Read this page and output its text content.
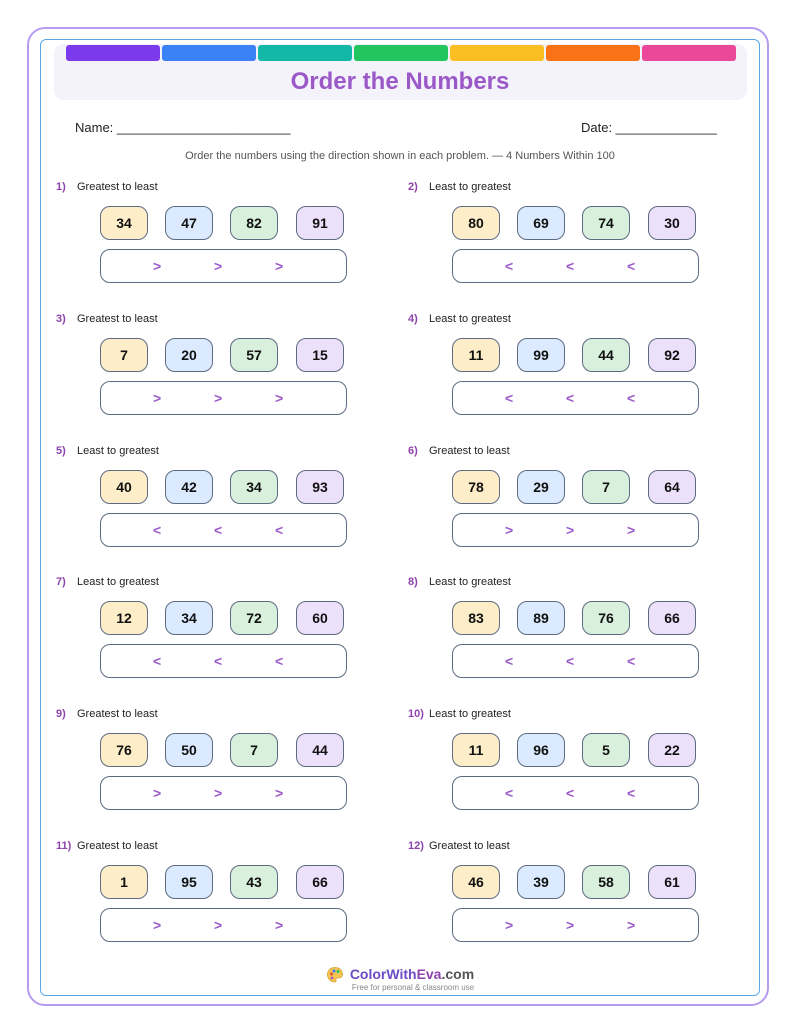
Order the Numbers
Name: ________________________	Date: ______________
Order the numbers using the direction shown in each problem. — 4 Numbers Within 100
1) Greatest to least
34	47	82	91
>	>	>
2) Least to greatest
80	69	74	30
<	<	<
3) Greatest to least
7	20	57	15
>	>	>
4) Least to greatest
11	99	44	92
<	<	<
5) Least to greatest
40	42	34	93
<	<	<
6) Greatest to least
78	29	7	64
>	>	>
7) Least to greatest
12	34	72	60
<	<	<
8) Least to greatest
83	89	76	66
<	<	<
9) Greatest to least
76	50	7	44
>	>	>
10) Least to greatest
11	96	5	22
<	<	<
11) Greatest to least
1	95	43	66
>	>	>
12) Greatest to least
46	39	58	61
>	>	>
ColorWithEva.com
Free for personal & classroom use
